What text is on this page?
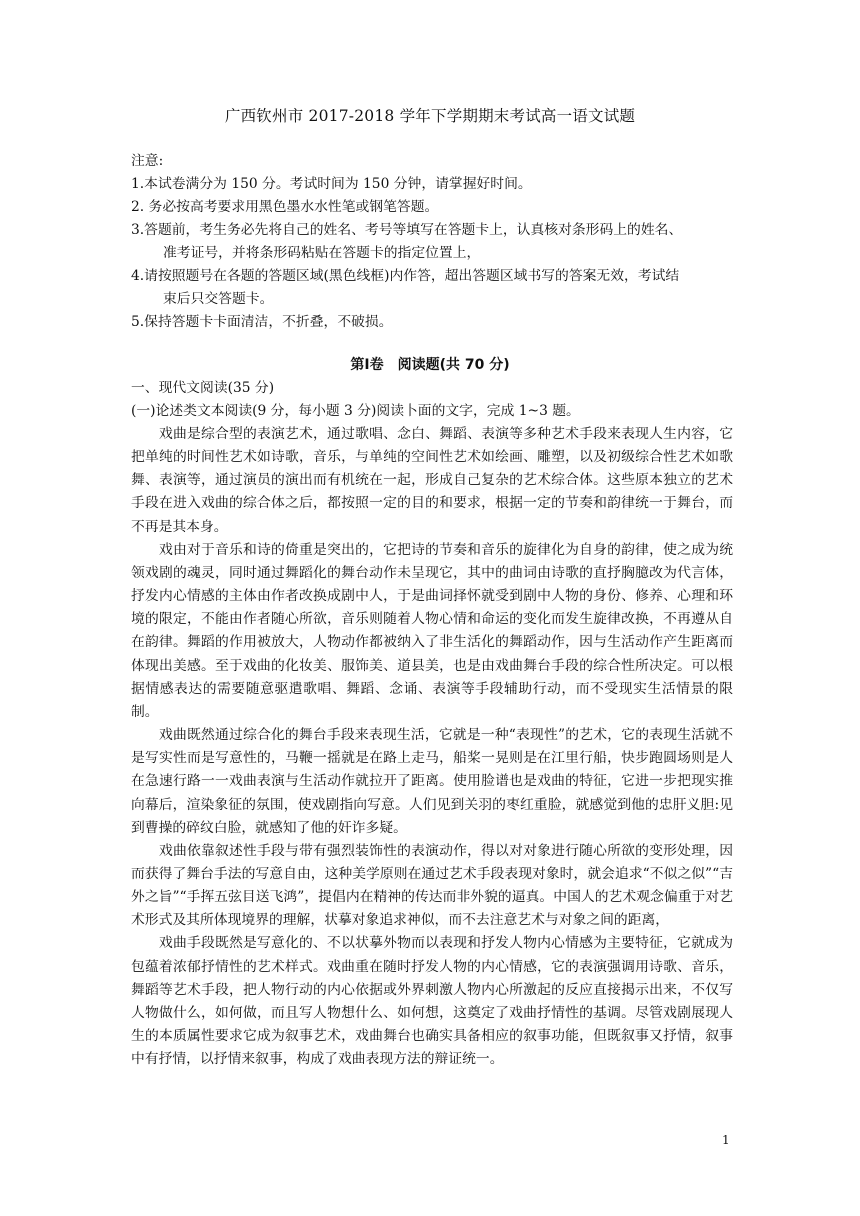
广西钦州市 2017-2018 学年下学期期末考试高一语文试题
注意:
1.本试卷满分为 150 分。考试时间为 150 分钟，请掌握好时间。
2. 务必按高考要求用黑色墨水水性笔或钢笔答题。
3.答题前，考生务必先将自己的姓名、考号等填写在答题卡上，认真核对条形码上的姓名、
准考证号，并将条形码粘贴在答题卡的指定位置上，
4.请按照题号在各题的答题区域(黑色线框)内作答，超出答题区域书写的答案无效，考试结
束后只交答题卡。
5.保持答题卡卡面清洁，不折叠，不破损。
第Ⅰ卷　阅读题(共 70 分)
一、现代文阅读(35 分)
(一)论述类文本阅读(9 分，每小题 3 分)阅读卜面的文字，完成 1~3 题。

戏曲是综合型的表演艺术，通过歌唱、念白、舞蹈、表演等多种艺术手段来表现人生内容，它把单纯的时间性艺术如诗歌，音乐，与单纯的空间性艺术如绘画、雕塑，以及初级综合性艺术如歌舞、表演等，通过演员的演出而有机统在一起，形成自己复杂的艺术综合体。这些原本独立的艺术手段在进入戏曲的综合体之后，都按照一定的目的和要求，根据一定的节奏和韵律统一于舞台，而不再是其本身。

戏由对于音乐和诗的倚重是突出的，它把诗的节奏和音乐的旋律化为自身的韵律，使之成为统领戏剧的魂灵，同时通过舞蹈化的舞台动作未呈现它，其中的曲词由诗歌的直抒胸臆改为代言体，抒发内心情感的主体由作者改换成剧中人，于是曲词择怀就受到剧中人物的身份、修养、心理和环境的限定，不能由作者随心所欲，音乐则随着人物心情和命运的变化而发生旋律改换，不再遵从自在韵律。舞蹈的作用被放大，人物动作都被纳入了非生活化的舞蹈动作，因与生活动作产生距离而体现出美感。至于戏曲的化妆美、服饰美、道县美，也是由戏曲舞台手段的综合性所决定。可以根据情感表达的需要随意驱遣歌唱、舞蹈、念诵、表演等手段辅助行动，而不受现实生活情景的限制。

戏曲既然通过综合化的舞台手段来表现生活，它就是一种“表现性”的艺术，它的表现生活就不是写实性而是写意性的，马鞭一摇就是在路上走马，船桨一晃则是在江里行船，快步跑圆场则是人在急速行路一一戏曲表演与生活动作就拉开了距离。使用脸谱也是戏曲的特征，它进一步把现实推向幕后，渲染象征的氛围，使戏剧指向写意。人们见到关羽的枣红重脸，就感觉到他的忠肝义胆:见到曹操的碎纹白脸，就感知了他的奸诈多疑。

戏曲依靠叙述性手段与带有强烈装饰性的表演动作，得以对对象进行随心所欲的变形处理，因而获得了舞台手法的写意自由，这种美学原则在通过艺术手段表现对象时，就会追求“不似之似”“吉外之旨”“手挥五弦目送飞鸿”，提倡内在精神的传达而非外貌的逼真。中国人的艺术观念偏重于对艺术形式及其所体现境界的理解，状摹对象追求神似，而不去注意艺术与对象之间的距离，

戏曲手段既然是写意化的、不以状摹外物而以表现和抒发人物内心情感为主要特征，它就成为包蕴着浓郁抒情性的艺术样式。戏曲重在随时抒发人物的内心情感，它的表演强调用诗歌、音乐，舞蹈等艺术手段，把人物行动的内心依据或外界刺激人物内心所激起的反应直接揭示出来，不仅写人物做什么，如何做，而且写人物想什么、如何想，这奠定了戏曲抒情性的基调。尽管戏剧展现人生的本质属性要求它成为叙事艺术，戏曲舞台也确实具备相应的叙事功能，但既叙事又抒情，叙事中有抒情，以抒情来叙事，构成了戏曲表现方法的辩证统一。

1
